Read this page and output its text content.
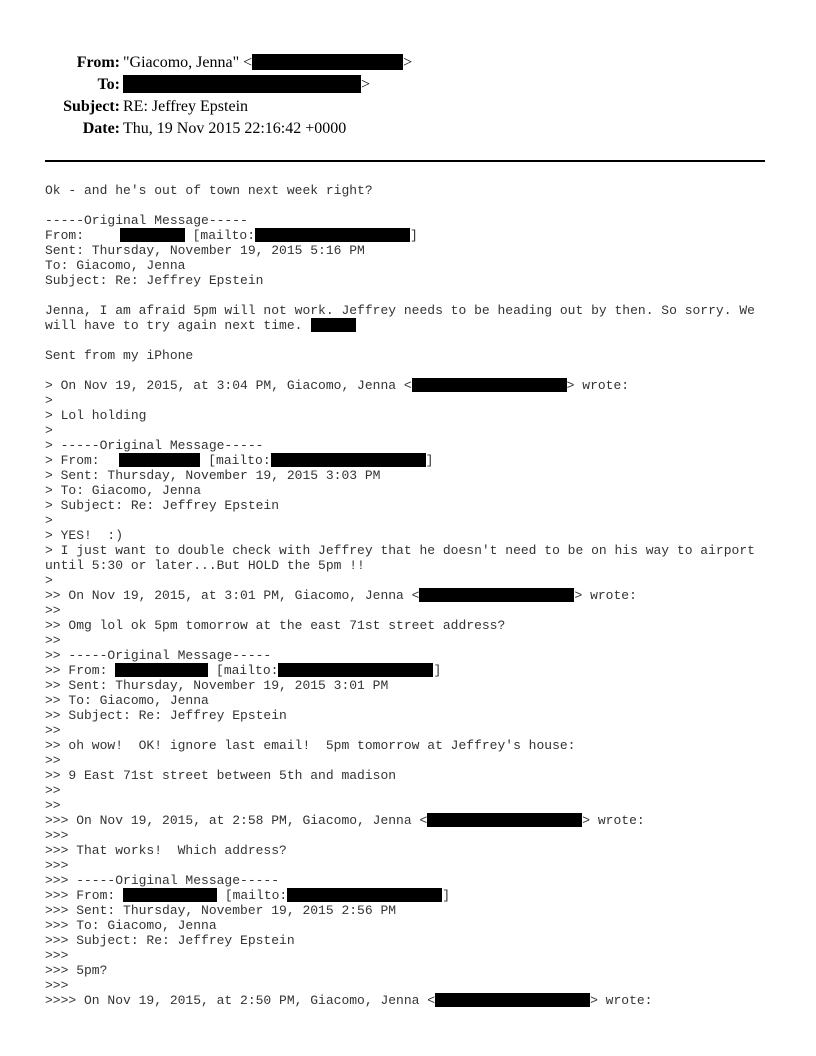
From: "Giacomo, Jenna" <	>
To:	>
Subject: RE: Jeffrey Epstein
Date: Thu, 19 Nov 2015 22:16:42 +0000
Ok - and he's out of town next week right?
-----Original Message-----
From:	[mailto:	]
Sent: Thursday, November 19, 2015 5:16 PM
To: Giacomo, Jenna
Subject: Re: Jeffrey Epstein
Jenna, I am afraid 5pm will not work. Jeffrey needs to be heading out by then. So sorry. We
will have to try again next time.
Sent from my iPhone
> On Nov 19, 2015, at 3:04 PM, Giacomo, Jenna <	> wrote:
>
> Lol holding
>
> -----Original Message-----
> From:	[mailto:	]
> Sent: Thursday, November 19, 2015 3:03 PM
> To: Giacomo, Jenna
> Subject: Re: Jeffrey Epstein
>
> YES!  :)
> I just want to double check with Jeffrey that he doesn't need to be on his way to airport
until 5:30 or later...But HOLD the 5pm !!
>
>> On Nov 19, 2015, at 3:01 PM, Giacomo, Jenna <	> wrote:
>>
>> Omg lol ok 5pm tomorrow at the east 71st street address?
>>
>> -----Original Message-----
>> From:	[mailto:	]
>> Sent: Thursday, November 19, 2015 3:01 PM
>> To: Giacomo, Jenna
>> Subject: Re: Jeffrey Epstein
>>
>> oh wow!  OK! ignore last email!  5pm tomorrow at Jeffrey's house:
>>
>> 9 East 71st street between 5th and madison
>>
>>
>>> On Nov 19, 2015, at 2:58 PM, Giacomo, Jenna <	> wrote:
>>>
>>> That works!  Which address?
>>>
>>> -----Original Message-----
>>> From:	[mailto:	]
>>> Sent: Thursday, November 19, 2015 2:56 PM
>>> To: Giacomo, Jenna
>>> Subject: Re: Jeffrey Epstein
>>>
>>> 5pm?
>>>
>>>> On Nov 19, 2015, at 2:50 PM, Giacomo, Jenna <	> wrote:
